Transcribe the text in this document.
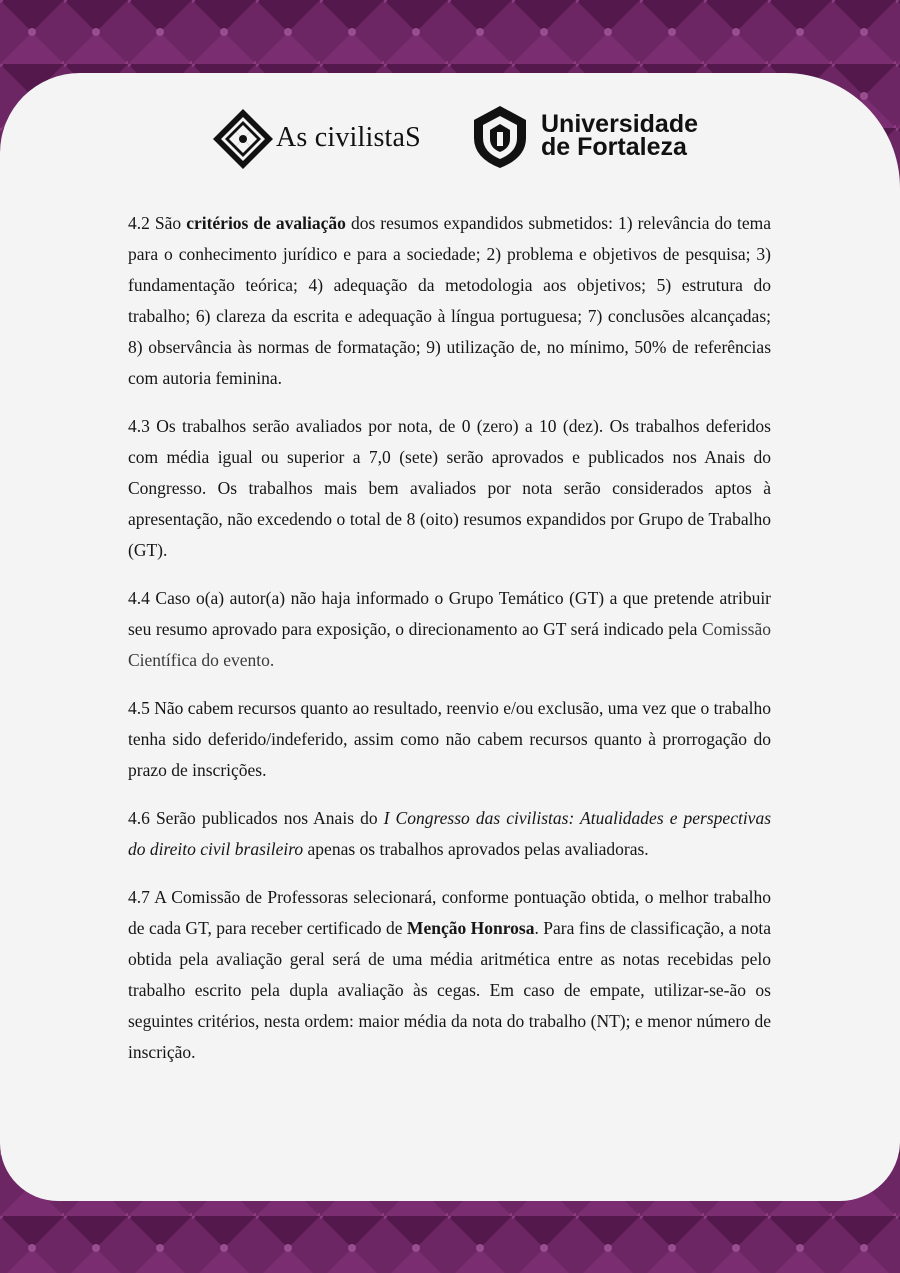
As civilistaS	Universidade
de Fortaleza

4.2 São critérios de avaliação dos resumos expandidos submetidos: 1) relevância do tema para o conhecimento jurídico e para a sociedade; 2) problema e objetivos de pesquisa; 3) fundamentação teórica; 4) adequação da metodologia aos objetivos; 5) estrutura do trabalho; 6) clareza da escrita e adequação à língua portuguesa; 7) conclusões alcançadas; 8) observância às normas de formatação; 9) utilização de, no mínimo, 50% de referências com autoria feminina.

4.3 Os trabalhos serão avaliados por nota, de 0 (zero) a 10 (dez). Os trabalhos deferidos com média igual ou superior a 7,0 (sete) serão aprovados e publicados nos Anais do Congresso. Os trabalhos mais bem avaliados por nota serão considerados aptos à apresentação, não excedendo o total de 8 (oito) resumos expandidos por Grupo de Trabalho (GT).

4.4 Caso o(a) autor(a) não haja informado o Grupo Temático (GT) a que pretende atribuir seu resumo aprovado para exposição, o direcionamento ao GT será indicado pela Comissão Científica do evento.

4.5 Não cabem recursos quanto ao resultado, reenvio e/ou exclusão, uma vez que o trabalho tenha sido deferido/indeferido, assim como não cabem recursos quanto à prorrogação do prazo de inscrições.

4.6 Serão publicados nos Anais do I Congresso das civilistas: Atualidades e perspectivas do direito civil brasileiro apenas os trabalhos aprovados pelas avaliadoras.

4.7 A Comissão de Professoras selecionará, conforme pontuação obtida, o melhor trabalho de cada GT, para receber certificado de Menção Honrosa. Para fins de classificação, a nota obtida pela avaliação geral será de uma média aritmética entre as notas recebidas pelo trabalho escrito pela dupla avaliação às cegas. Em caso de empate, utilizar-se-ão os seguintes critérios, nesta ordem: maior média da nota do trabalho (NT); e menor número de inscrição.
